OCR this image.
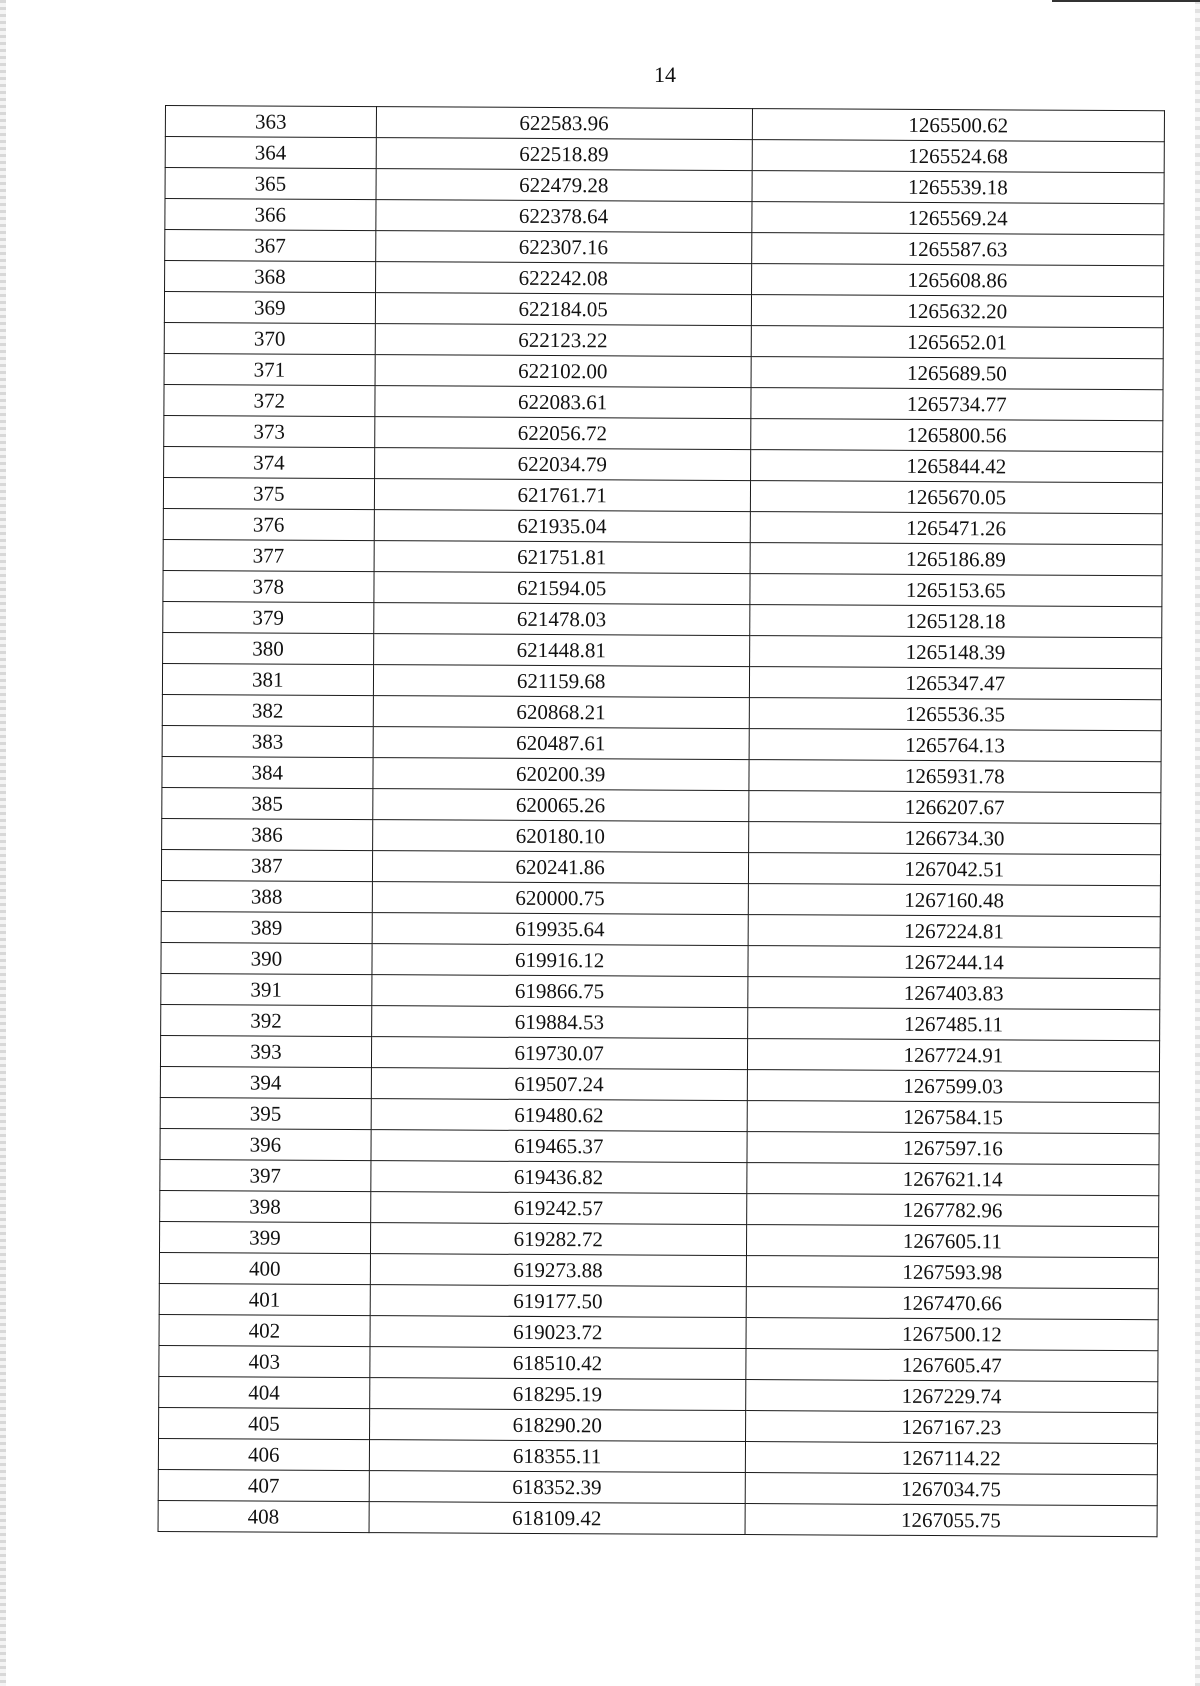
14
363	622583.96	1265500.62
364	622518.89	1265524.68
365	622479.28	1265539.18
366	622378.64	1265569.24
367	622307.16	1265587.63
368	622242.08	1265608.86
369	622184.05	1265632.20
370	622123.22	1265652.01
371	622102.00	1265689.50
372	622083.61	1265734.77
373	622056.72	1265800.56
374	622034.79	1265844.42
375	621761.71	1265670.05
376	621935.04	1265471.26
377	621751.81	1265186.89
378	621594.05	1265153.65
379	621478.03	1265128.18
380	621448.81	1265148.39
381	621159.68	1265347.47
382	620868.21	1265536.35
383	620487.61	1265764.13
384	620200.39	1265931.78
385	620065.26	1266207.67
386	620180.10	1266734.30
387	620241.86	1267042.51
388	620000.75	1267160.48
389	619935.64	1267224.81
390	619916.12	1267244.14
391	619866.75	1267403.83
392	619884.53	1267485.11
393	619730.07	1267724.91
394	619507.24	1267599.03
395	619480.62	1267584.15
396	619465.37	1267597.16
397	619436.82	1267621.14
398	619242.57	1267782.96
399	619282.72	1267605.11
400	619273.88	1267593.98
401	619177.50	1267470.66
402	619023.72	1267500.12
403	618510.42	1267605.47
404	618295.19	1267229.74
405	618290.20	1267167.23
406	618355.11	1267114.22
407	618352.39	1267034.75
408	618109.42	1267055.75
